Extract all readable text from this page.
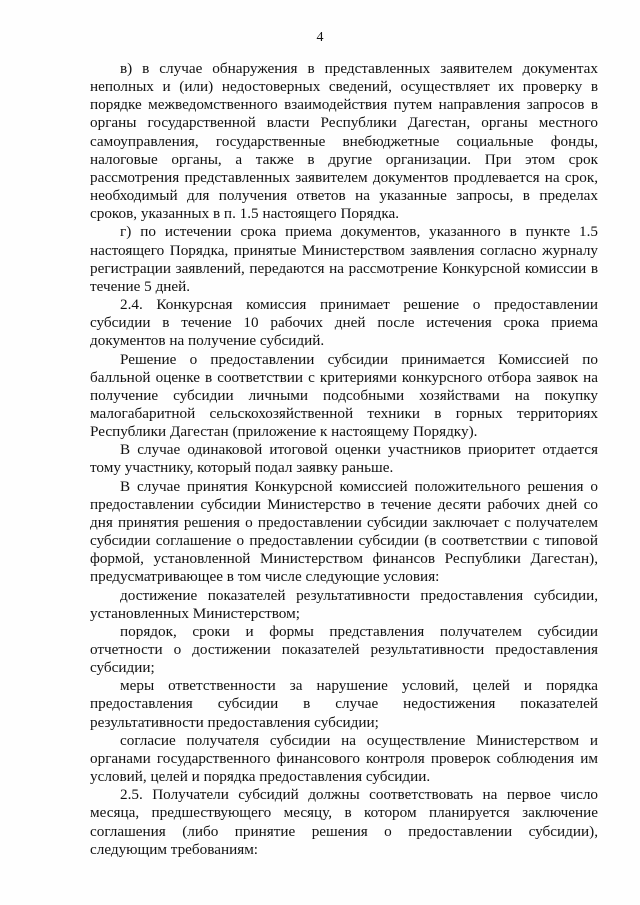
4

в) в случае обнаружения в представленных заявителем документах неполных и (или) недостоверных сведений, осуществляет их проверку в порядке межведомственного взаимодействия путем направления запросов в органы государственной власти Республики Дагестан, органы местного самоуправления, государственные внебюджетные социальные фонды, налоговые органы, а также в другие организации. При этом срок рассмотрения представленных заявителем документов продлевается на срок, необходимый для получения ответов на указанные запросы, в пределах сроков, указанных в п. 1.5 настоящего Порядка.

г) по истечении срока приема документов, указанного в пункте 1.5 настоящего Порядка, принятые Министерством заявления согласно журналу регистрации заявлений, передаются на рассмотрение Конкурсной комиссии в течение 5 дней.

2.4. Конкурсная комиссия принимает решение о предоставлении субсидии в течение 10 рабочих дней после истечения срока приема документов на получение субсидий.

Решение о предоставлении субсидии принимается Комиссией по балльной оценке в соответствии с критериями конкурсного отбора заявок на получение субсидии личными подсобными хозяйствами на покупку малогабаритной сельскохозяйственной техники в горных территориях Республики Дагестан (приложение к настоящему Порядку).

В случае одинаковой итоговой оценки участников приоритет отдается тому участнику, который подал заявку раньше.

В случае принятия Конкурсной комиссией положительного решения о предоставлении субсидии Министерство в течение десяти рабочих дней со дня принятия решения о предоставлении субсидии заключает с получателем субсидии соглашение о предоставлении субсидии (в соответствии с типовой формой, установленной Министерством финансов Республики Дагестан), предусматривающее в том числе следующие условия:

достижение показателей результативности предоставления субсидии, установленных Министерством;

порядок, сроки и формы представления получателем субсидии отчетности о достижении показателей результативности предоставления субсидии;

меры ответственности за нарушение условий, целей и порядка предоставления субсидии в случае недостижения показателей результативности предоставления субсидии;

согласие получателя субсидии на осуществление Министерством и органами государственного финансового контроля проверок соблюдения им условий, целей и порядка предоставления субсидии.

2.5. Получатели субсидий должны соответствовать на первое число месяца, предшествующего месяцу, в котором планируется заключение соглашения (либо принятие решения о предоставлении субсидии), следующим требованиям:
